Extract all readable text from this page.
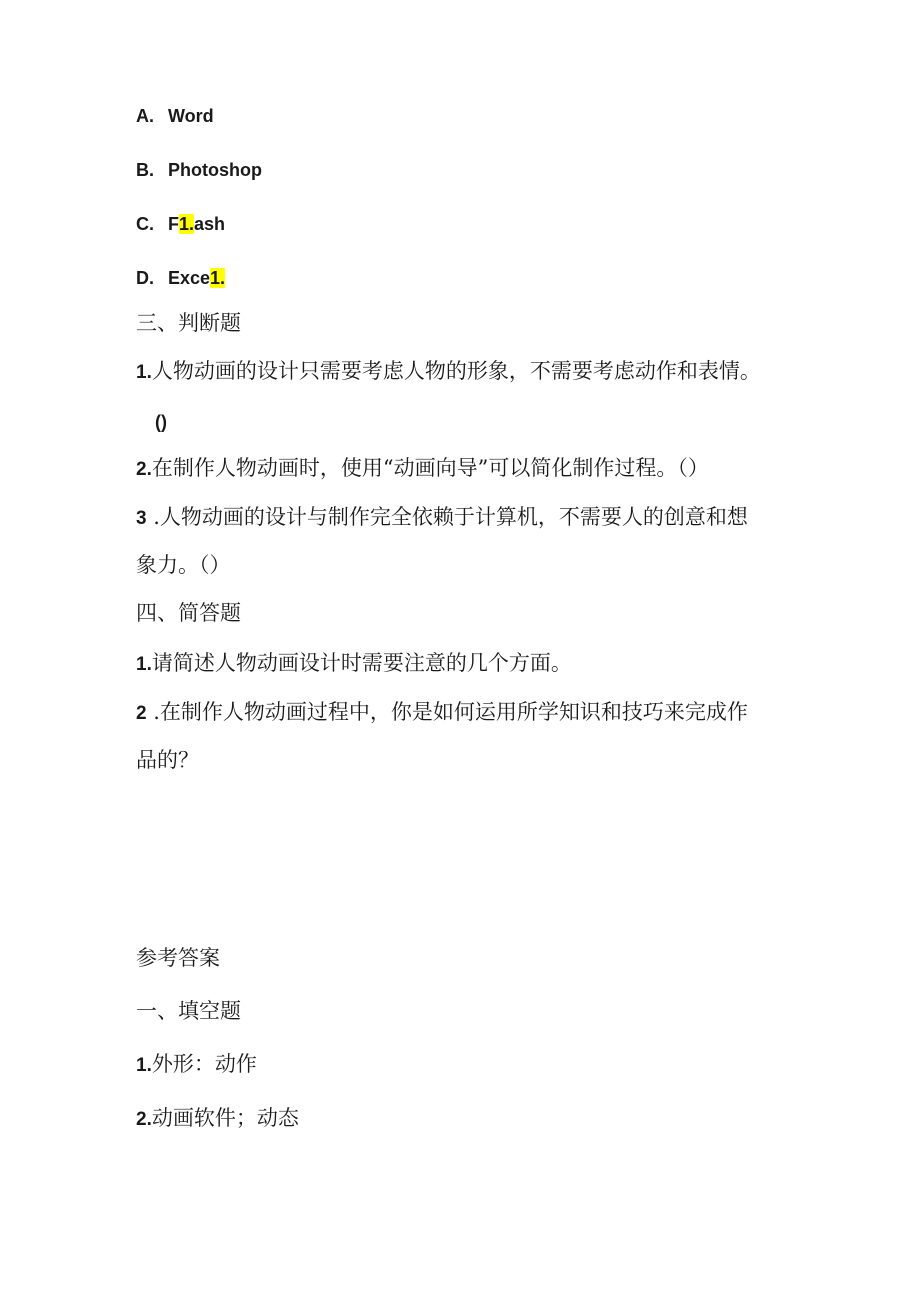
A. Word
B. Photoshop
C. F1.ash
D. Exce1.
三、判断题
1.人物动画的设计只需要考虑人物的形象，不需要考虑动作和表情。
()
2.在制作人物动画时，使用“动画向导”可以简化制作过程。（）
3 .人物动画的设计与制作完全依赖于计算机，不需要人的创意和想
象力。（）
四、简答题
1.请简述人物动画设计时需要注意的几个方面。
2 .在制作人物动画过程中，你是如何运用所学知识和技巧来完成作
品的？
参考答案
一、填空题
1.外形：动作
2.动画软件；动态
